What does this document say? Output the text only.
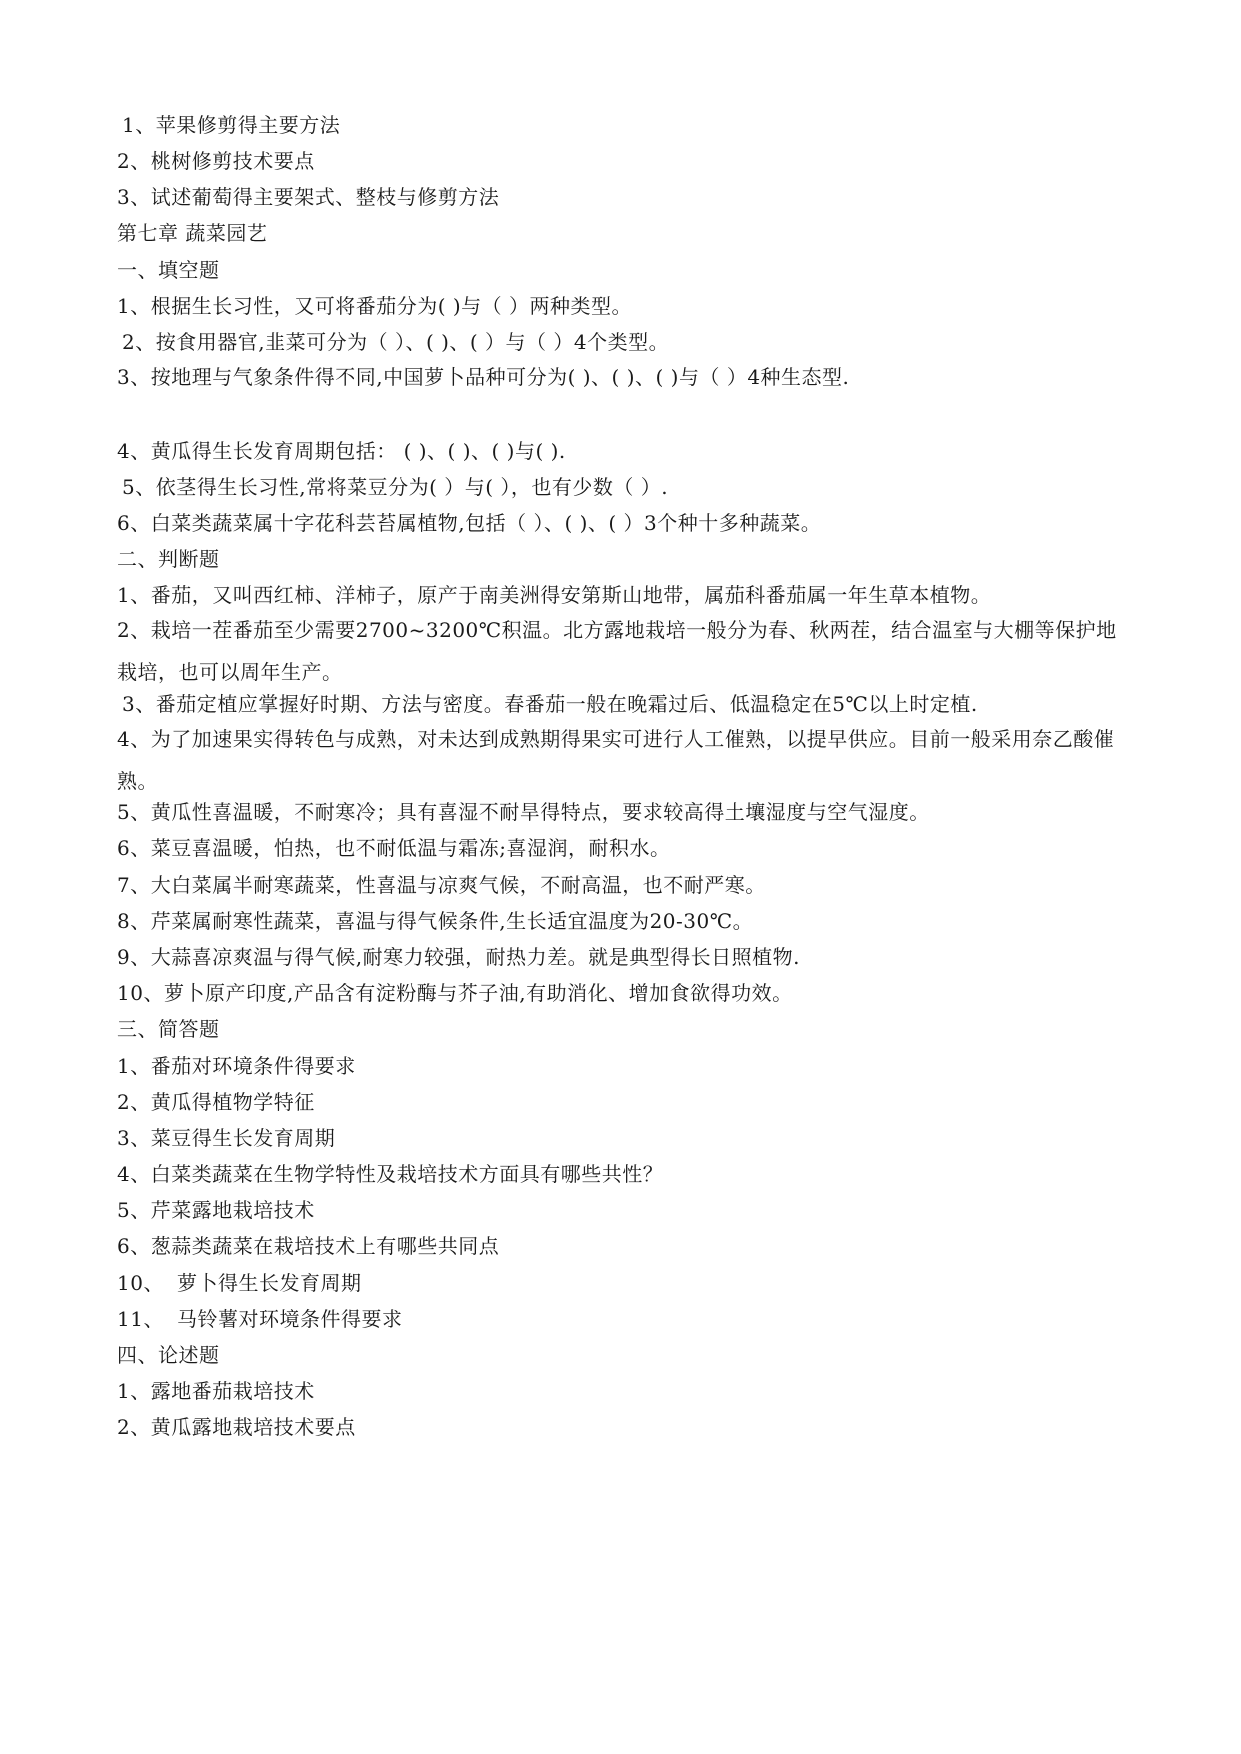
1、苹果修剪得主要方法
2、桃树修剪技术要点
3、试述葡萄得主要架式、整枝与修剪方法
第七章 蔬菜园艺
一、填空题
1、根据生长习性，又可将番茄分为( )与（ ）两种类型。
2、按食用器官,韭菜可分为（ ）、( )、( ）与（ ）4个类型。
3、按地理与气象条件得不同,中国萝卜品种可分为( )、( )、( )与（ ）4种生态型.
4、黄瓜得生长发育周期包括： ( )、( )、( )与( ).
5、依茎得生长习性,常将菜豆分为( ）与( ），也有少数（ ）.
6、白菜类蔬菜属十字花科芸苔属植物,包括（ ）、( )、( ）3个种十多种蔬菜。
二、判断题
1、番茄，又叫西红柿、洋柿子，原产于南美洲得安第斯山地带，属茄科番茄属一年生草本植物。
2、栽培一茬番茄至少需要2700~3200℃积温。北方露地栽培一般分为春、秋两茬，结合温室与大棚等保护地栽培，也可以周年生产。
3、番茄定植应掌握好时期、方法与密度。春番茄一般在晚霜过后、低温稳定在5℃以上时定植.
4、为了加速果实得转色与成熟，对未达到成熟期得果实可进行人工催熟，以提早供应。目前一般采用奈乙酸催熟。
5、黄瓜性喜温暖，不耐寒冷；具有喜湿不耐旱得特点，要求较高得土壤湿度与空气湿度。
6、菜豆喜温暖，怕热，也不耐低温与霜冻;喜湿润，耐积水。
7、大白菜属半耐寒蔬菜，性喜温与凉爽气候，不耐高温，也不耐严寒。
8、芹菜属耐寒性蔬菜，喜温与得气候条件,生长适宜温度为20-30℃。
9、大蒜喜凉爽温与得气候,耐寒力较强，耐热力差。就是典型得长日照植物.
10、萝卜原产印度,产品含有淀粉酶与芥子油,有助消化、增加食欲得功效。
三、简答题
1、番茄对环境条件得要求
2、黄瓜得植物学特征
3、菜豆得生长发育周期
4、白菜类蔬菜在生物学特性及栽培技术方面具有哪些共性？
5、芹菜露地栽培技术
6、葱蒜类蔬菜在栽培技术上有哪些共同点
10、 萝卜得生长发育周期
11、 马铃薯对环境条件得要求
四、论述题
1、露地番茄栽培技术
2、黄瓜露地栽培技术要点
